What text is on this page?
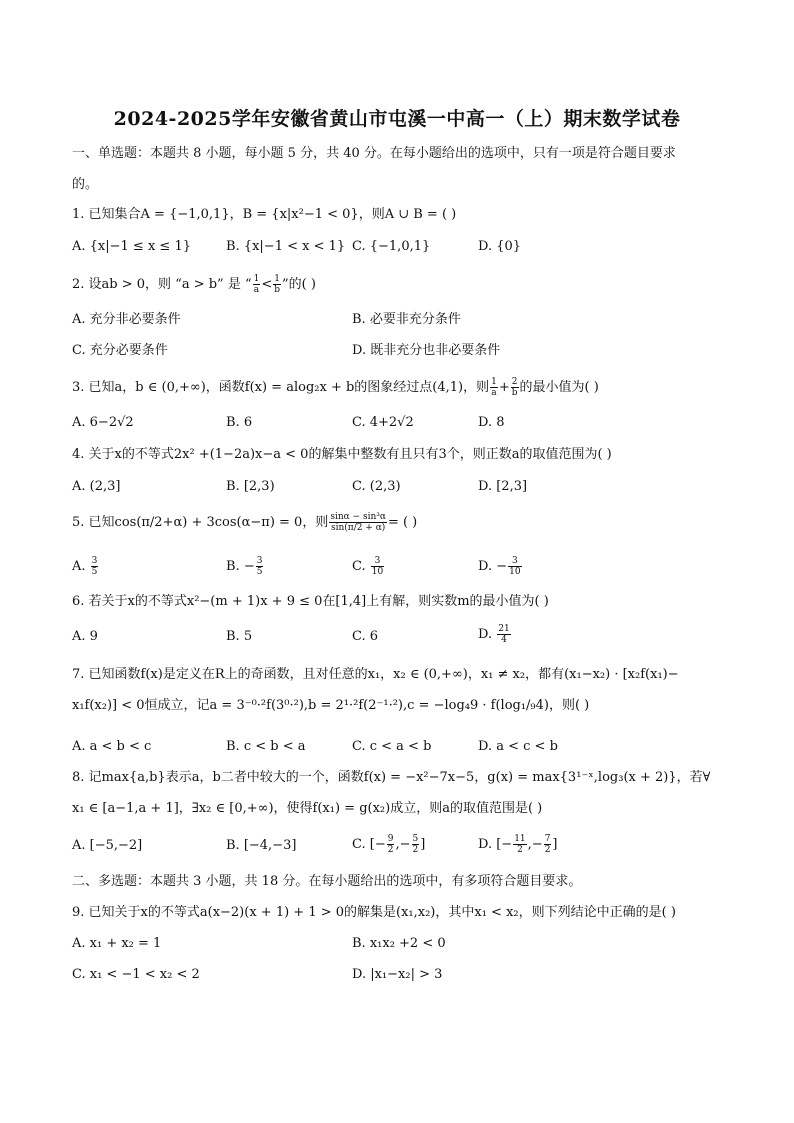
2024-2025学年安徽省黄山市屯溪一中高一（上）期末数学试卷
一、单选题：本题共 8 小题，每小题 5 分，共 40 分。在每小题给出的选项中，只有一项是符合题目要求
的。
1. 已知集合A = {−1,0,1}，B = {x|x²−1 < 0}，则A ∪ B = ( )
A. {x|−1 ≤ x ≤ 1}	B. {x|−1 < x < 1} C. {−1,0,1}	D. {0}
2. 设ab > 0，则 “a > b” 是 “ $\frac{1}{a} < \frac{1}{b}$ ”的( )
A. 充分非必要条件	B. 必要非充分条件
C. 充分必要条件	D. 既非充分也非必要条件
3. 已知a，b ∈ (0,+∞)，函数f(x) = alog₂x + b的图象经过点(4,1)，则 $\frac{1}{a} + \frac{2}{b}$ 的最小值为( )
A. 6−2√2	B. 6	C. 4+2√2	D. 8
4. 关于x的不等式2x² +(1−2a)x−a < 0的解集中整数有且只有3个，则正数a的取值范围为( )
A. (2,3]	B. [2,3)	C. (2,3)	D. [2,3]
5. 已知cos(π/2+α) + 3cos(α−π) = 0，则 $\frac{\text{sinα − sin³α}}{\sin(\pi/2 + \alpha)}$ = ( )
A. $\frac{3}{5}$	B. − $\frac{3}{5}$	C. $\frac{3}{10}$	D. − $\frac{3}{10}$
6. 若关于x的不等式x²−(m + 1)x + 9 ≤ 0在[1,4]上有解，则实数m的最小值为( )
A. 9	B. 5	C. 6	D. $\frac{21}{4}$
7. 已知函数f(x)是定义在R上的奇函数，且对任意的x₁，x₂ ∈ (0,+∞)，x₁ ≠ x₂，都有(x₁−x₂) · [x₂f(x₁)−
x₁f(x₂)] < 0恒成立，记a = 3⁻⁰·²f(3⁰·²),b = 2¹·²f(2⁻¹·²),c = −log₄9 · f(log₁/₉4)，则( )
A. a < b < c	B. c < b < a	C. c < a < b	D. a < c < b
8. 记max{a,b}表示a，b二者中较大的一个，函数f(x) = −x²−7x−5，g(x) = max{3¹⁻ˣ,log₃(x + 2)}，若∀
x₁ ∈ [a−1,a + 1]，∃x₂ ∈ [0,+∞)，使得f(x₁) = g(x₂)成立，则a的取值范围是( )
A. [−5,−2]	B. [−4,−3]	C. [− $\frac{9}{2}$ ,− $\frac{5}{2}$ ]	D. [− $\frac{11}{2}$ ,− $\frac{7}{2}$ ]
二、多选题：本题共 3 小题，共 18 分。在每小题给出的选项中，有多项符合题目要求。
9. 已知关于x的不等式a(x−2)(x + 1) + 1 > 0的解集是(x₁,x₂)，其中x₁ < x₂，则下列结论中正确的是( )
A. x₁ + x₂ = 1	B. x₁x₂ +2 < 0
C. x₁ < −1 < x₂ < 2	D. |x₁−x₂| > 3
